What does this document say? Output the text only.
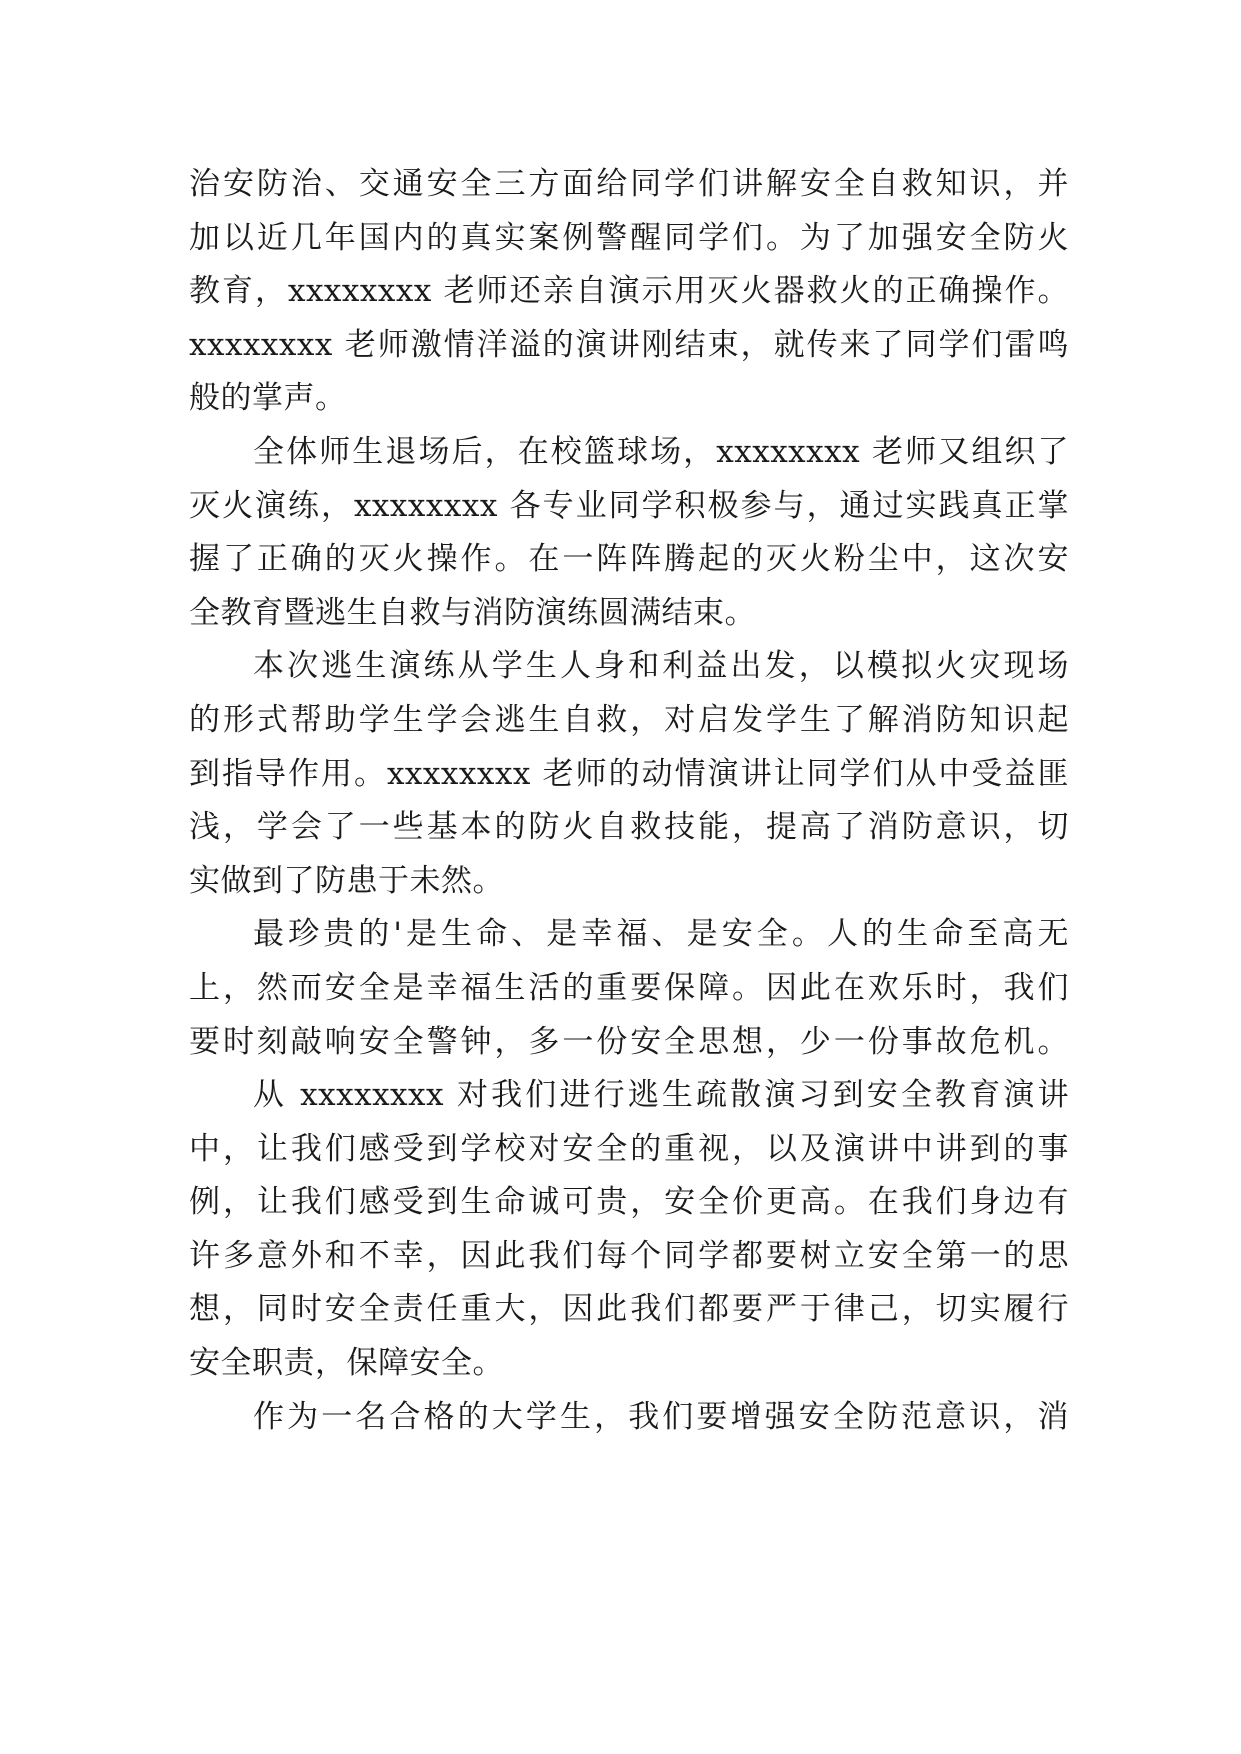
治安防治、交通安全三方面给同学们讲解安全自救知识，并
加以近几年国内的真实案例警醒同学们。为了加强安全防火
教育，xxxxxxxx 老师还亲自演示用灭火器救火的正确操作。
xxxxxxxx 老师激情洋溢的演讲刚结束，就传来了同学们雷鸣
般的掌声。
全体师生退场后，在校篮球场，xxxxxxxx 老师又组织了
灭火演练，xxxxxxxx 各专业同学积极参与，通过实践真正掌
握了正确的灭火操作。在一阵阵腾起的灭火粉尘中，这次安
全教育暨逃生自救与消防演练圆满结束。
本次逃生演练从学生人身和利益出发，以模拟火灾现场
的形式帮助学生学会逃生自救，对启发学生了解消防知识起
到指导作用。xxxxxxxx 老师的动情演讲让同学们从中受益匪
浅，学会了一些基本的防火自救技能，提高了消防意识，切
实做到了防患于未然。
最珍贵的'是生命、是幸福、是安全。人的生命至高无
上，然而安全是幸福生活的重要保障。因此在欢乐时，我们
要时刻敲响安全警钟，多一份安全思想，少一份事故危机。
从 xxxxxxxx 对我们进行逃生疏散演习到安全教育演讲
中，让我们感受到学校对安全的重视，以及演讲中讲到的事
例，让我们感受到生命诚可贵，安全价更高。在我们身边有
许多意外和不幸，因此我们每个同学都要树立安全第一的思
想，同时安全责任重大，因此我们都要严于律己，切实履行
安全职责，保障安全。
作为一名合格的大学生，我们要增强安全防范意识，消
